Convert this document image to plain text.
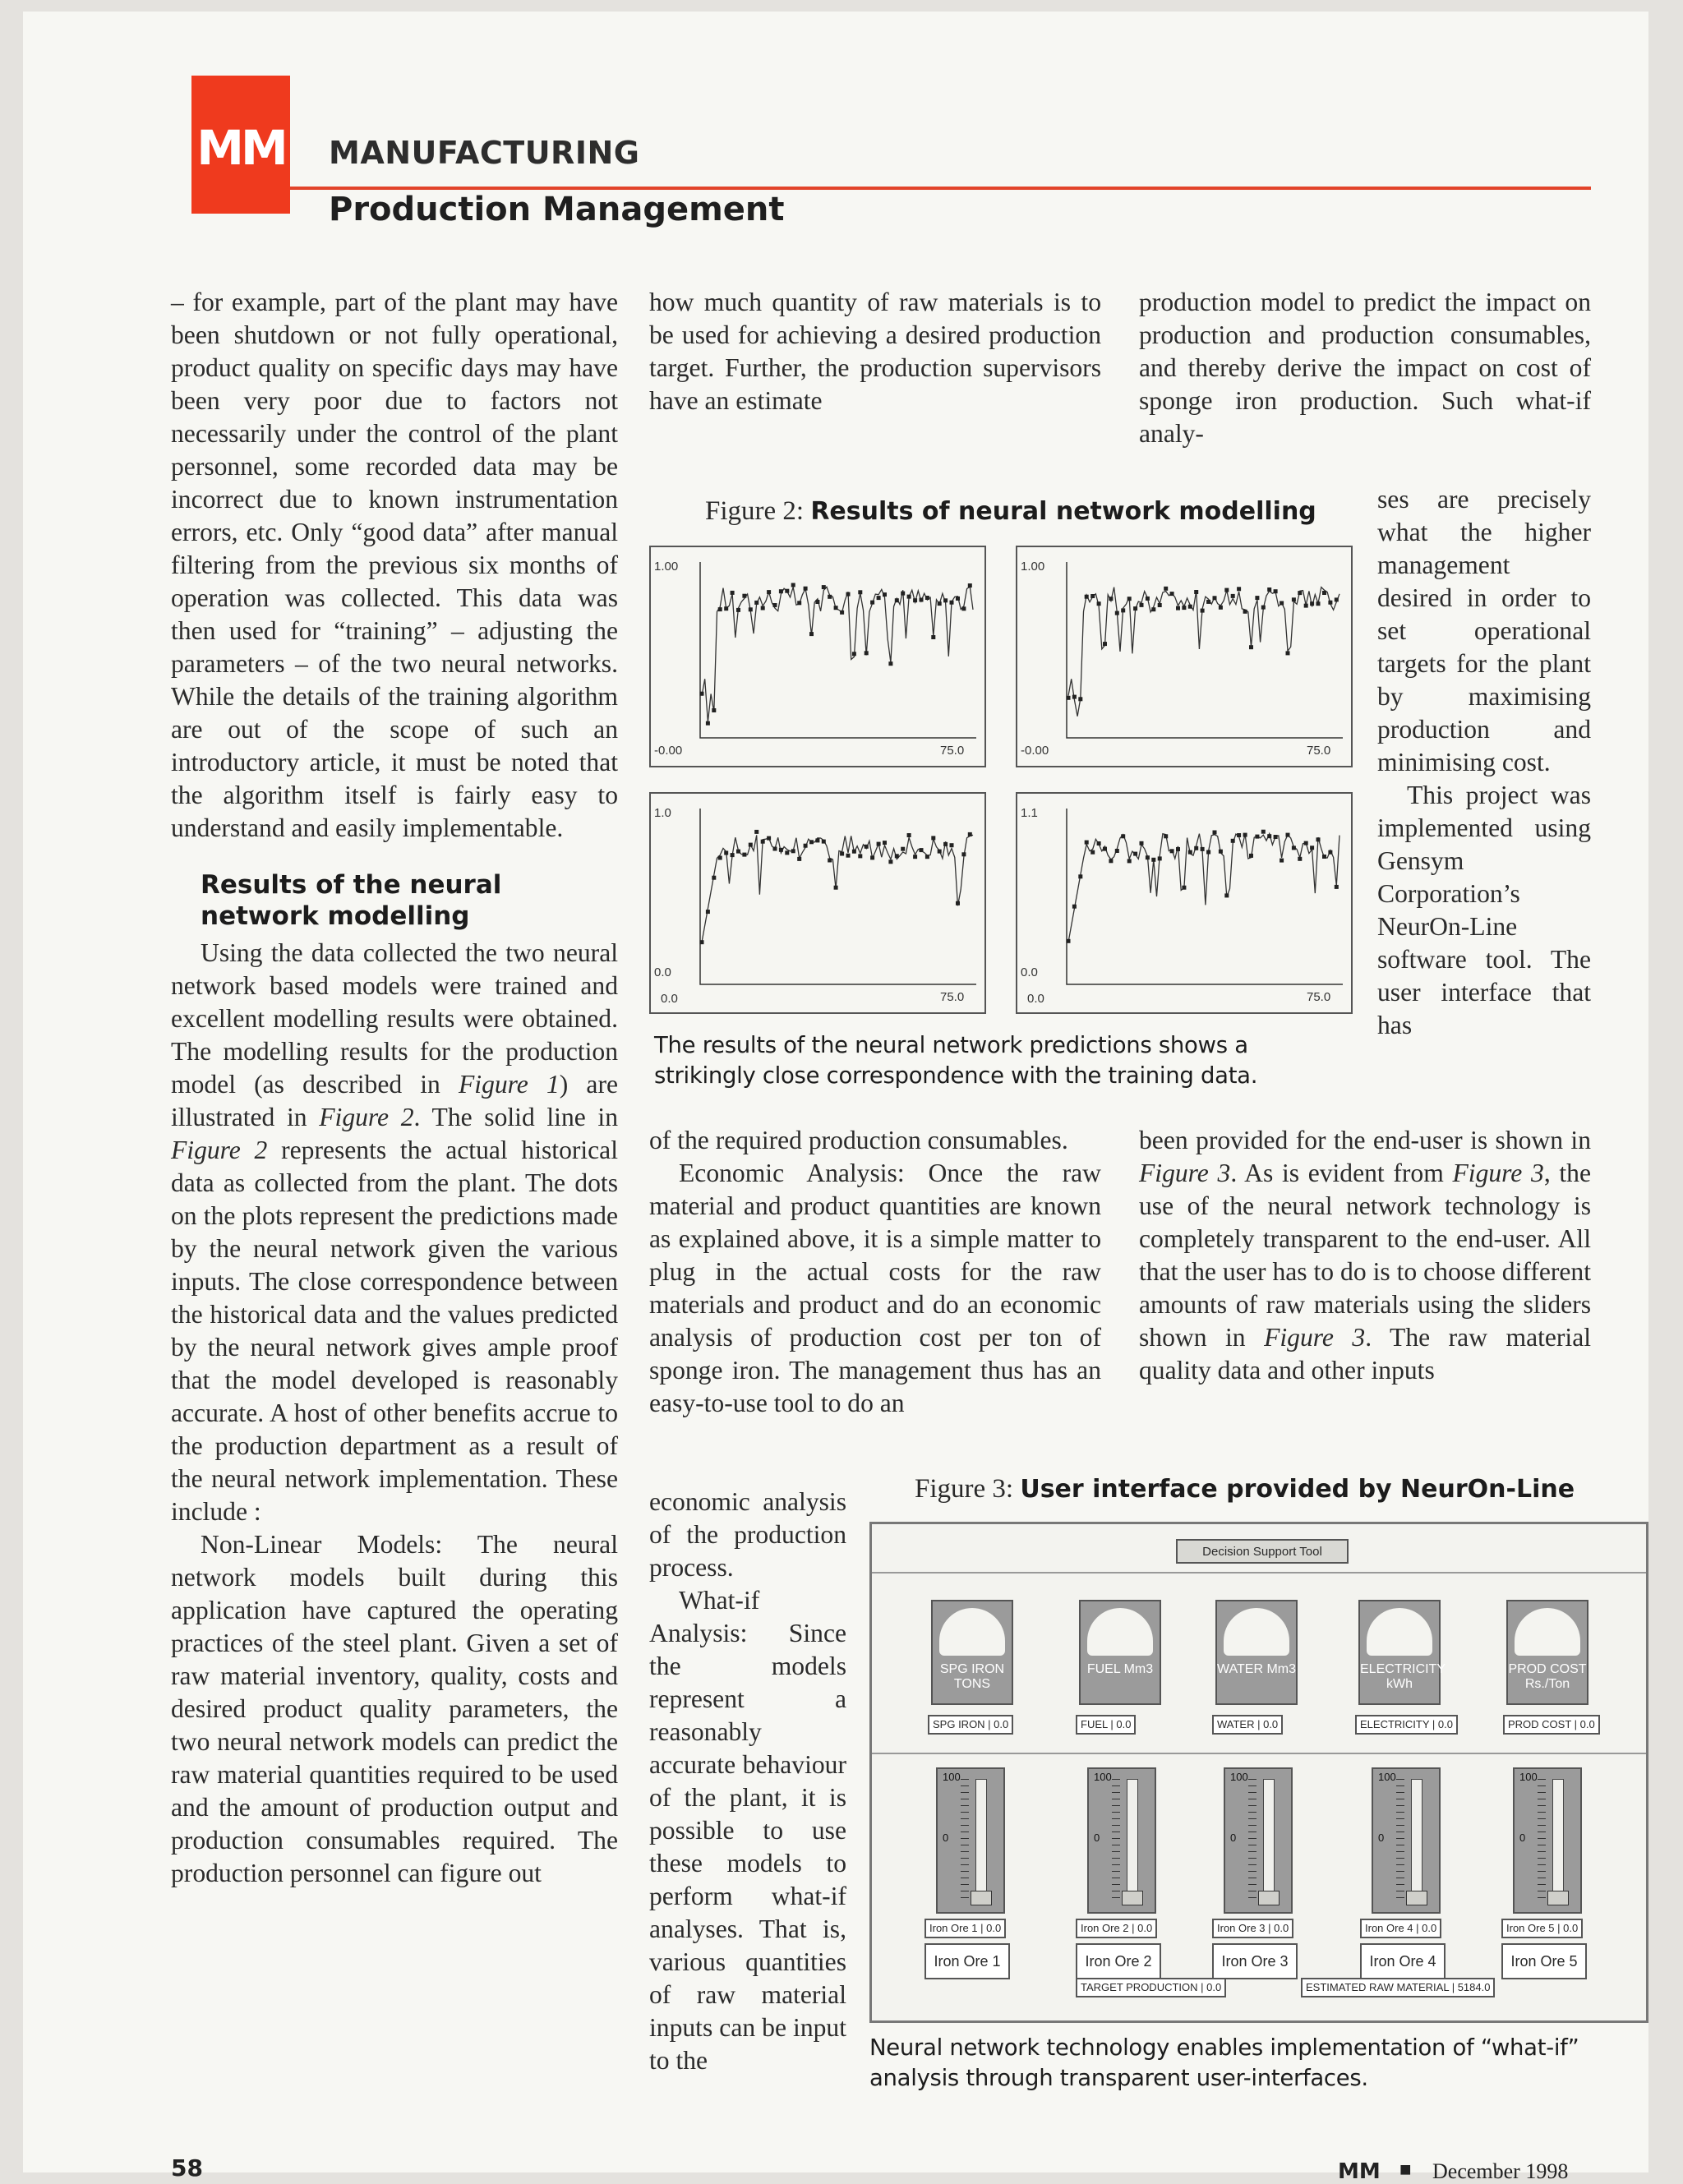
MM MANUFACTURING
Production Management

– for example, part of the plant may have been shutdown or not fully operational, product quality on specific days may have been very poor due to factors not necessarily under the control of the plant personnel, some recorded data may be incorrect due to known instrumentation errors, etc. Only “good data” after manual filtering from the previous six months of operation was collected. This data was then used for “training” – adjusting the parameters – of the two neural networks. While the details of the training algorithm are out of the scope of such an introductory article, it must be noted that the algorithm itself is fairly easy to understand and easily implementable.

Results of the neural network modelling

Using the data collected the two neural network based models were trained and excellent modelling results were obtained. The modelling results for the production model (as described in Figure 1) are illustrated in Figure 2. The solid line in Figure 2 represents the actual historical data as collected from the plant. The dots on the plots represent the predictions made by the neural network given the various inputs. The close correspondence between the historical data and the values predicted by the neural network gives ample proof that the model developed is reasonably accurate. A host of other benefits accrue to the production department as a result of the neural network implementation. These include :

Non-Linear Models: The neural network models built during this application have captured the operating practices of the steel plant. Given a set of raw material inventory, quality, costs and desired product quality parameters, the two neural network models can predict the raw material quantities required to be used and the amount of production output and production consumables required. The production personnel can figure out

how much quantity of raw materials is to be used for achieving a desired production target. Further, the production supervisors have an estimate

Figure 2: Results of neural network modelling
1.00
-0.00	75.0
1.00
-0.00	75.0
1.0
0.0
0.0	75.0
1.1
0.0
0.0	75.0
The results of the neural network predictions shows a strikingly close correspondence with the training data.

of the required production consumables.

Economic Analysis: Once the raw material and product quantities are known as explained above, it is a simple matter to plug in the actual costs for the raw materials and product and do an economic analysis of production cost per ton of sponge iron. The management thus has an easy-to-use tool to do an

economic analysis of the production process.

What-if Analysis: Since the models represent a reasonably accurate behaviour of the plant, it is possible to use these models to perform what-if analyses. That is, various quantities of raw material inputs can be input to the

production model to predict the impact on production and production consumables, and thereby derive the impact on cost of sponge iron production. Such what-if analy-

ses are precisely what the higher management desired in order to set operational targets for the plant by maximising production and minimising cost.

This project was implemented using Gensym Corporation’s NeurOn-Line software tool. The user interface that has

been provided for the end-user is shown in Figure 3. As is evident from Figure 3, the use of the neural network technology is completely transparent to the end-user. All that the user has to do is to choose different amounts of raw materials using the sliders shown in Figure 3. The raw material quality data and other inputs

Figure 3: User interface provided by NeurOn-Line
Decision Support Tool
SPG IRON TONS
SPG IRON | 0.0
FUEL Mm3
FUEL | 0.0
WATER Mm3
WATER | 0.0
ELECTRICITY kWh
ELECTRICITY | 0.0
PROD COST Rs./Ton
PROD COST | 0.0
100
0
Iron Ore 1 | 0.0
Iron Ore 1
100
0
Iron Ore 2 | 0.0
Iron Ore 2
100
0
Iron Ore 3 | 0.0
Iron Ore 3
100
0
Iron Ore 4 | 0.0
Iron Ore 4
100
0
Iron Ore 5 | 0.0
Iron Ore 5
TARGET PRODUCTION | 0.0	ESTIMATED RAW MATERIAL | 5184.0
Neural network technology enables implementation of “what-if” analysis through transparent user-interfaces.
58	MM ■ December 1998
